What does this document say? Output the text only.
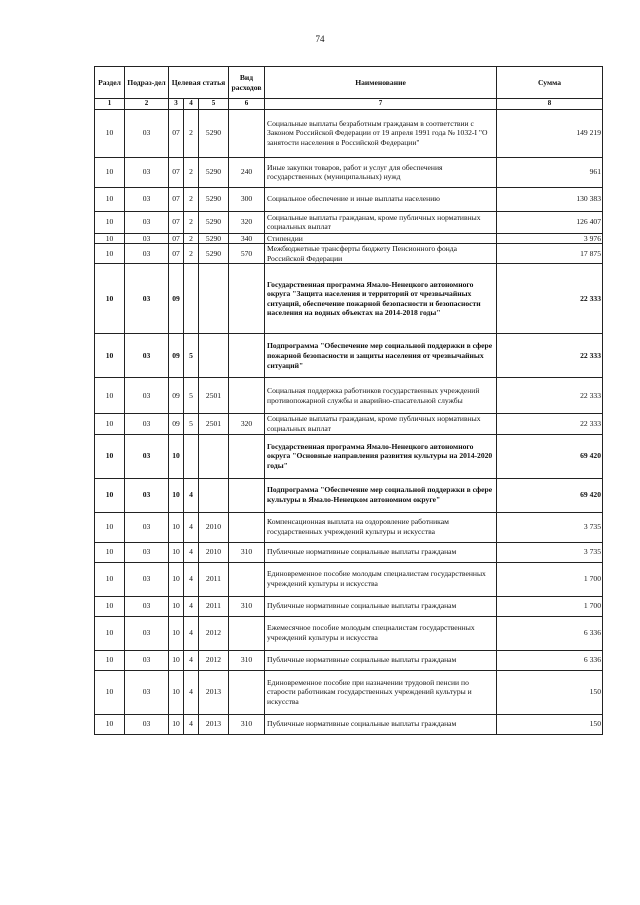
74
Раздел	Подраз-дел	Целевая статья			Вид расходов	Наименование	Сумма
1	2	3	4	5	6	7	8
10	03	07	2	5290		Социальные выплаты безработным гражданам в соответствии с Законом Российской Федерации от 19 апреля 1991 года № 1032-I "О занятости населения в Российской Федерации"	149 219
10	03	07	2	5290	240	Иные закупки товаров, работ и услуг для обеспечения государственных (муниципальных) нужд	961
10	03	07	2	5290	300	Социальное обеспечение и иные выплаты населению	130 383
10	03	07	2	5290	320	Социальные выплаты гражданам, кроме публичных нормативных социальных выплат	126 407
10	03	07	2	5290	340	Стипендии	3 976
10	03	07	2	5290	570	Межбюджетные трансферты бюджету Пенсионного фонда Российской Федерации	17 875
10	03	09				Государственная программа Ямало-Ненецкого автономного округа "Защита населения и территорий от чрезвычайных ситуаций, обеспечение пожарной безопасности и безопасности населения на водных объектах на 2014-2018 годы"	22 333
10	03	09	5			Подпрограмма "Обеспечение мер социальной поддержки в сфере пожарной безопасности и защиты населения от чрезвычайных ситуаций"	22 333
10	03	09	5	2501		Социальная поддержка работников государственных учреждений противопожарной службы и аварийно-спасательной службы	22 333
10	03	09	5	2501	320	Социальные выплаты гражданам, кроме публичных нормативных социальных выплат	22 333
10	03	10				Государственная программа Ямало-Ненецкого автономного округа "Основные направления развития культуры на 2014-2020 годы"	69 420
10	03	10	4			Подпрограмма "Обеспечение мер социальной поддержки в сфере культуры в Ямало-Ненецком автономном округе"	69 420
10	03	10	4	2010		Компенсационная выплата на оздоровление работникам государственных учреждений культуры и искусства	3 735
10	03	10	4	2010	310	Публичные нормативные социальные выплаты гражданам	3 735
10	03	10	4	2011		Единовременное пособие молодым специалистам государственных учреждений культуры и искусства	1 700
10	03	10	4	2011	310	Публичные нормативные социальные выплаты гражданам	1 700
10	03	10	4	2012		Ежемесячное пособие молодым специалистам государственных учреждений культуры и искусства	6 336
10	03	10	4	2012	310	Публичные нормативные социальные выплаты гражданам	6 336
10	03	10	4	2013		Единовременное пособие при назначении трудовой пенсии по старости работникам государственных учреждений культуры и искусства	150
10	03	10	4	2013	310	Публичные нормативные социальные выплаты гражданам	150
